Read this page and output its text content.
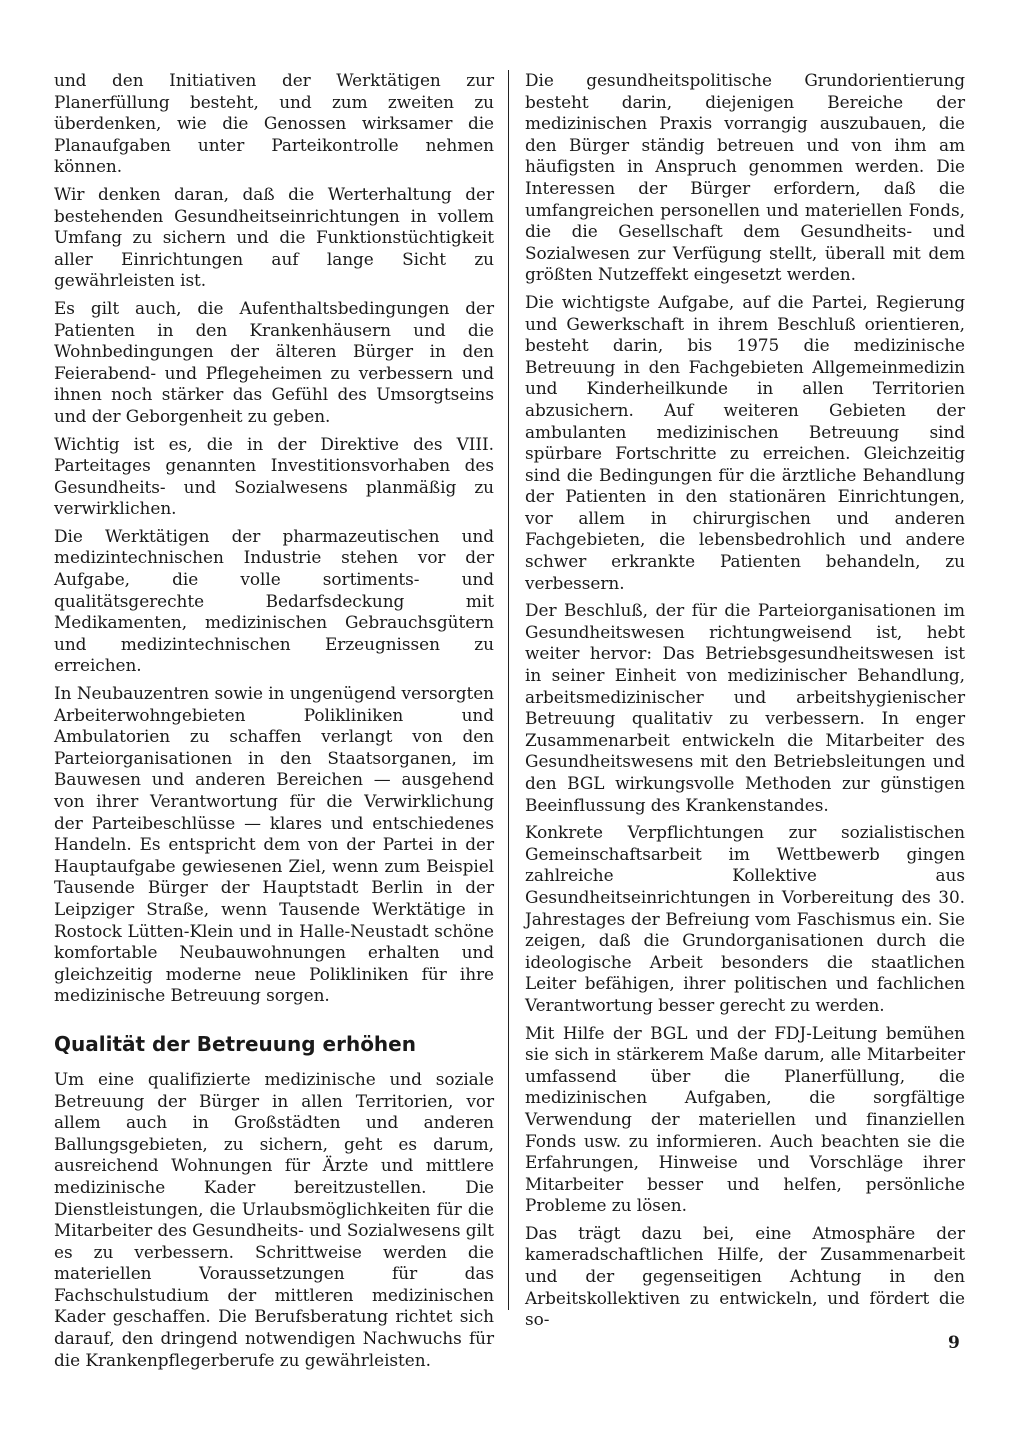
und den Initiativen der Werktätigen zur Planerfüllung besteht, und zum zweiten zu überdenken, wie die Genossen wirksamer die Planaufgaben unter Parteikontrolle nehmen können.

Wir denken daran, daß die Werterhaltung der bestehenden Gesundheitseinrichtungen in vollem Umfang zu sichern und die Funktionstüchtigkeit aller Einrichtungen auf lange Sicht zu gewährleisten ist.

Es gilt auch, die Aufenthaltsbedingungen der Patienten in den Krankenhäusern und die Wohnbedingungen der älteren Bürger in den Feierabend- und Pflegeheimen zu verbessern und ihnen noch stärker das Gefühl des Umsorgtseins und der Geborgenheit zu geben.

Wichtig ist es, die in der Direktive des VIII. Parteitages genannten Investitionsvorhaben des Gesundheits- und Sozialwesens planmäßig zu verwirklichen.

Die Werktätigen der pharmazeutischen und medizintechnischen Industrie stehen vor der Aufgabe, die volle sortiments- und qualitätsgerechte Bedarfsdeckung mit Medikamenten, medizinischen Gebrauchsgütern und medizintechnischen Erzeugnissen zu erreichen.

In Neubauzentren sowie in ungenügend versorgten Arbeiterwohngebieten Polikliniken und Ambulatorien zu schaffen verlangt von den Parteiorganisationen in den Staatsorganen, im Bauwesen und anderen Bereichen — ausgehend von ihrer Verantwortung für die Verwirklichung der Parteibeschlüsse — klares und entschiedenes Handeln. Es entspricht dem von der Partei in der Hauptaufgabe gewiesenen Ziel, wenn zum Beispiel Tausende Bürger der Hauptstadt Berlin in der Leipziger Straße, wenn Tausende Werktätige in Rostock Lütten-Klein und in Halle-Neustadt schöne komfortable Neubauwohnungen erhalten und gleichzeitig moderne neue Polikliniken für ihre medizinische Betreuung sorgen.

Qualität der Betreuung erhöhen

Um eine qualifizierte medizinische und soziale Betreuung der Bürger in allen Territorien, vor allem auch in Großstädten und anderen Ballungsgebieten, zu sichern, geht es darum, ausreichend Wohnungen für Ärzte und mittlere medizinische Kader bereitzustellen. Die Dienstleistungen, die Urlaubsmöglichkeiten für die Mitarbeiter des Gesundheits- und Sozialwesens gilt es zu verbessern. Schrittweise werden die materiellen Voraussetzungen für das Fachschulstudium der mittleren medizinischen Kader geschaffen. Die Berufsberatung richtet sich darauf, den dringend notwendigen Nachwuchs für die Krankenpflegerberufe zu gewährleisten.

Die gesundheitspolitische Grundorientierung besteht darin, diejenigen Bereiche der medizinischen Praxis vorrangig auszubauen, die den Bürger ständig betreuen und von ihm am häufigsten in Anspruch genommen werden. Die Interessen der Bürger erfordern, daß die umfangreichen personellen und materiellen Fonds, die die Gesellschaft dem Gesundheits- und Sozialwesen zur Verfügung stellt, überall mit dem größten Nutzeffekt eingesetzt werden.

Die wichtigste Aufgabe, auf die Partei, Regierung und Gewerkschaft in ihrem Beschluß orientieren, besteht darin, bis 1975 die medizinische Betreuung in den Fachgebieten Allgemeinmedizin und Kinderheilkunde in allen Territorien abzusichern. Auf weiteren Gebieten der ambulanten medizinischen Betreuung sind spürbare Fortschritte zu erreichen. Gleichzeitig sind die Bedingungen für die ärztliche Behandlung der Patienten in den stationären Einrichtungen, vor allem in chirurgischen und anderen Fachgebieten, die lebensbedrohlich und andere schwer erkrankte Patienten behandeln, zu verbessern.

Der Beschluß, der für die Parteiorganisationen im Gesundheitswesen richtungweisend ist, hebt weiter hervor: Das Betriebsgesundheitswesen ist in seiner Einheit von medizinischer Behandlung, arbeitsmedizinischer und arbeitshygienischer Betreuung qualitativ zu verbessern. In enger Zusammenarbeit entwickeln die Mitarbeiter des Gesundheitswesens mit den Betriebsleitungen und den BGL wirkungsvolle Methoden zur günstigen Beeinflussung des Krankenstandes.

Konkrete Verpflichtungen zur sozialistischen Gemeinschaftsarbeit im Wettbewerb gingen zahlreiche Kollektive aus Gesundheitseinrichtungen in Vorbereitung des 30. Jahrestages der Befreiung vom Faschismus ein. Sie zeigen, daß die Grundorganisationen durch die ideologische Arbeit besonders die staatlichen Leiter befähigen, ihrer politischen und fachlichen Verantwortung besser gerecht zu werden.

Mit Hilfe der BGL und der FDJ-Leitung bemühen sie sich in stärkerem Maße darum, alle Mitarbeiter umfassend über die Planerfüllung, die medizinischen Aufgaben, die sorgfältige Verwendung der materiellen und finanziellen Fonds usw. zu informieren. Auch beachten sie die Erfahrungen, Hinweise und Vorschläge ihrer Mitarbeiter besser und helfen, persönliche Probleme zu lösen.

Das trägt dazu bei, eine Atmosphäre der kameradschaftlichen Hilfe, der Zusammenarbeit und der gegenseitigen Achtung in den Arbeitskollektiven zu entwickeln, und fördert die so-

9
